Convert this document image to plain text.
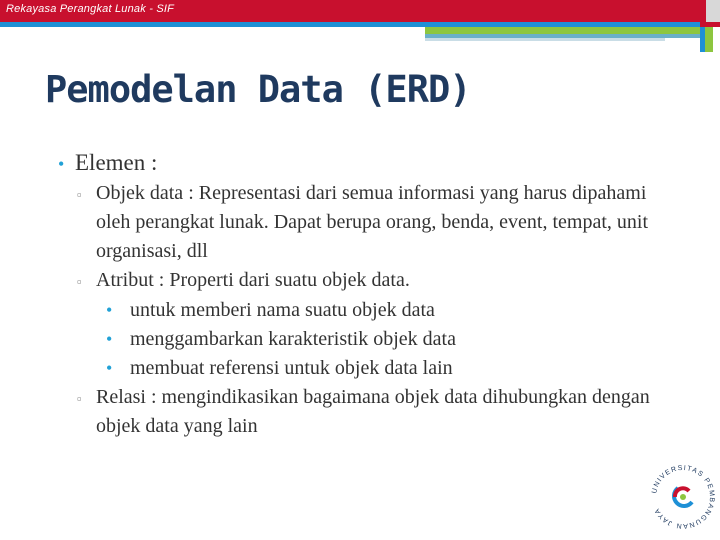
Rekayasa Perangkat Lunak - SIF
Pemodelan Data (ERD)
• Elemen :
▫ Objek data : Representasi dari semua informasi yang harus dipahami oleh perangkat lunak. Dapat berupa orang, benda, event, tempat, unit organisasi, dll
▫ Atribut : Properti dari suatu objek data.
• untuk memberi nama suatu objek data
• menggambarkan karakteristik objek data
• membuat referensi untuk objek data lain
▫ Relasi : mengindikasikan bagaimana objek data dihubungkan dengan objek data yang lain
UNIVERSITAS PEMBANGUNAN JAYA
